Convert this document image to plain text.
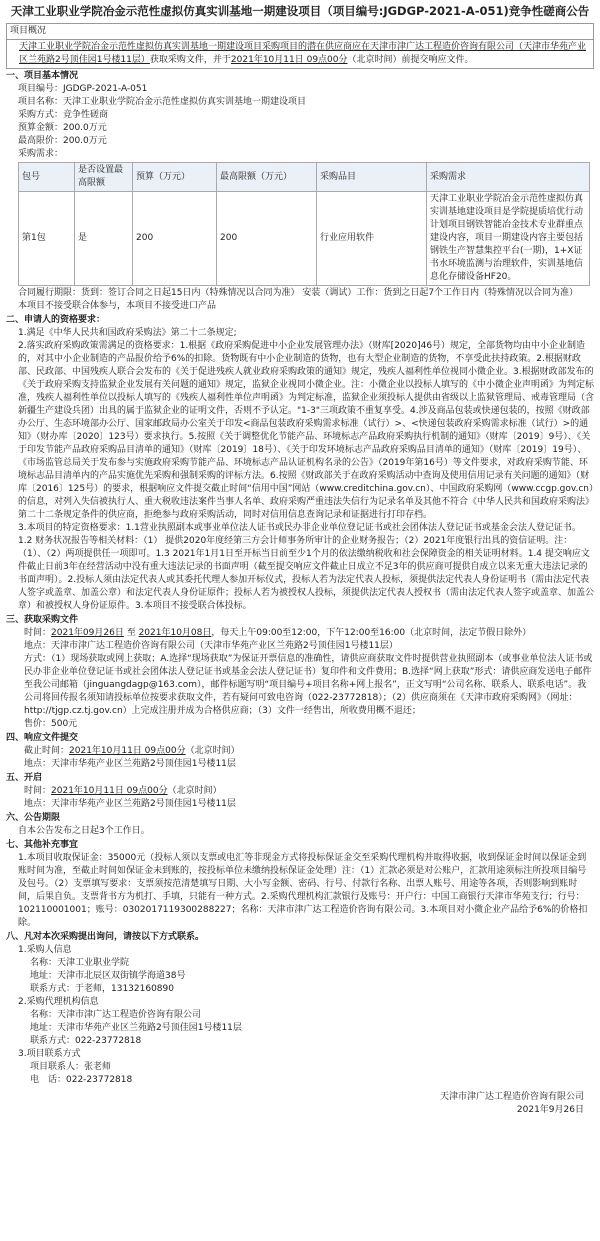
天津工业职业学院冶金示范性虚拟仿真实训基地一期建设项目（项目编号:JGDGP-2021-A-051)竞争性磋商公告
项目概况
天津工业职业学院冶金示范性虚拟仿真实训基地一期建设项目采购项目的潜在供应商应在天津市津广达工程造价咨询有限公司（天津市华苑产业区兰苑路2号顶佳园1号楼11层）获取采购文件，并于2021年10月11日 09点00分（北京时间）前提交响应文件。
一、项目基本情况

项目编号：JGDGP-2021-A-051

项目名称：天津工业职业学院冶金示范性虚拟仿真实训基地一期建设项目

采购方式：竞争性磋商

预算金额：200.0万元

最高限价：200.0万元

采购需求：

包号	是否设置最高限额	预算（万元）	最高限额（万元）	采购品目	采购需求
第1包	是	200	200	行业应用软件	天津工业职业学院冶金示范性虚拟仿真实训基地建设项目是学院提质培优行动计划项目钢铁智能冶金技术专业群重点建设内容，项目一期建设内容主要包括钢铁生产智慧集控平台(一期)，1+X证书水环境监测与治理软件，实训基地信息化存储设备HF20。

合同履行期限：货到：签订合同之日起15日内（特殊情况以合同为准） 安装（调试）工作：货到之日起7个工作日内（特殊情况以合同为准）

本项目不接受联合体参与，本项目不接受进口产品

二、申请人的资格要求：

1.满足《中华人民共和国政府采购法》第二十二条规定;

2.落实政府采购政策需满足的资格要求：1.根据《政府采购促进中小企业发展管理办法》（财库[2020]46号）规定，全部货物均由中小企业制造的，对其中小企业制造的产品报价给予6%的扣除。货物既有中小企业制造的货物，也有大型企业制造的货物，不享受此扶持政策。2.根据财政部、民政部、中国残疾人联合会发布的《关于促进残疾人就业政府采购政策的通知》规定，残疾人福利性单位视同小微企业。3.根据财政部发布的《关于政府采购支持监狱企业发展有关问题的通知》规定，监狱企业视同小微企业。注：小微企业以投标人填写的《中小微企业声明函》为判定标准，残疾人福利性单位以投标人填写的《残疾人福利性单位声明函》为判定标准，监狱企业须投标人提供由省级以上监狱管理局、戒毒管理局（含新疆生产建设兵团）出具的属于监狱企业的证明文件，否则不予认定。"1-3"三项政策不重复享受。4.涉及商品包装或快递包装的，按照《财政部办公厅、生态环境部办公厅、国家邮政局办公室关于印发<商品包装政府采购需求标准（试行）>、<快递包装政府采购需求标准（试行）>的通知》（财办库〔2020〕123号）要求执行。5.按照《关于调整优化节能产品、环境标志产品政府采购执行机制的通知》（财库〔2019〕9号）、《关于印发节能产品政府采购品目清单的通知》（财库〔2019〕18号）、《关于印发环境标志产品政府采购品目清单的通知》（财库〔2019〕19号）、《市场监管总局关于发布参与实施政府采购节能产品、环境标志产品认证机构名录的公告》（2019年第16号）等文件要求，对政府采购节能、环境标志品目清单内的产品实施优先采购和强制采购的评标方法。6.按照《财政部关于在政府采购活动中查询及使用信用记录有关问题的通知》（财库〔2016〕125号）的要求，根据响应文件提交截止时间“信用中国”网站（www.creditchina.gov.cn）、中国政府采购网（www.ccgp.gov.cn）的信息，对列入失信被执行人、重大税收违法案件当事人名单、政府采购严重违法失信行为记录名单及其他不符合《中华人民共和国政府采购法》第二十二条规定条件的供应商，拒绝参与政府采购活动，同时对信用信息查询记录和证据进行打印存档。

3.本项目的特定资格要求：1.1营业执照副本或事业单位法人证书或民办非企业单位登记证书或社会团体法人登记证书或基金会法人登记证书。1.2 财务状况报告等相关材料：（1） 提供2020年度经第三方会计师事务所审计的企业财务报告；（2）2021年度银行出具的资信证明。注：（1）、（2）两项提供任一项即可。1.3 2021年1月1日至开标当日前至少1个月的依法缴纳税收和社会保障资金的相关证明材料。1.4 提交响应文件截止日前3年在经营活动中没有重大违法记录的书面声明（截至提交响应文件截止日成立不足3年的供应商可提供自成立以来无重大违法记录的书面声明）。2.投标人须由法定代表人或其委托代理人参加开标仪式，投标人若为法定代表人投标，须提供法定代表人身份证明书（需由法定代表人签字或盖章、加盖公章）和法定代表人身份证原件；投标人若为被授权人投标，须提供法定代表人授权书（需由法定代表人签字或盖章、加盖公章）和被授权人身份证原件。3.本项目不接受联合体投标。

三、获取采购文件

时间：2021年09月26日 至 2021年10月08日，每天上午09:00至12:00，下午12:00至16:00（北京时间，法定节假日除外）

地点：天津市津广达工程造价咨询有限公司（天津市华苑产业区兰苑路2号顶佳园1号楼11层）

方式：（1）现场获取或网上获取；A.选择“现场获取”为保证开票信息的准确性，请供应商获取文件时提供营业执照副本（或事业单位法人证书或民办非企业单位登记证书或社会团体法人登记证书或基金会法人登记证书）复印件和文件费用；B.选择“网上获取”形式：请供应商发送电子邮件至我公司邮箱（jinguangdagp@163.com），邮件标题写明“项目编号+项目名称+网上报名”，正文写明“公司名称、联系人、联系电话”。我公司将回传报名须知请投标单位按要求获取文件，若有疑问可致电咨询（022-23772818）；（2）供应商须在《天津市政府采购网》（网址：http://tjgp.cz.tj.gov.cn）上完成注册并成为合格供应商；（3）文件一经售出，所收费用概不退还；

售价：500元

四、响应文件提交

截止时间：2021年10月11日 09点00分（北京时间）

地点：天津市华苑产业区兰苑路2号顶佳园1号楼11层

五、开启

时间：2021年10月11日 09点00分（北京时间）

地点：天津市华苑产业区兰苑路2号顶佳园1号楼11层

六、公告期限

自本公告发布之日起3个工作日。

七、其他补充事宜

1.本项目收取保证金：35000元（投标人须以支票或电汇等非现金方式将投标保证金交至采购代理机构并取得收据，收到保证金时间以保证金到账时间为准，至截止时间如保证金未到账的，按投标单位未缴纳投标保证金处理）注：（1）汇款必须是对公账户，汇款用途须标注所投项目编号及包号。（2）支票填写要求：支票须按范清楚填写日期、大小写金额、密码、行号、付款行名称、出票人账号、用途等各项，否则影响到账时间，后果自负。支票背书方为机打、手填，只能有一种方式。2.采购代理机构汇款银行及账号：开户行：中国工商银行天津市华苑支行；行号：102110001001；账号：0302017119300288227；名称：天津市津广达工程造价咨询有限公司。3.本项目对小微企业产品给予6%的价格扣除。

八、凡对本次采购提出询问，请按以下方式联系。

1.采购人信息

名称：天津工业职业学院

地址：天津市北辰区双街镇学海道38号

联系方式：于老师，13132160890

2.采购代理机构信息

名称：天津市津广达工程造价咨询有限公司

地址：天津市华苑产业区兰苑路2号顶佳园1号楼11层

联系方式：022-23772818

3.项目联系方式

项目联系人：张老师

电　话：022-23772818

天津市津广达工程造价咨询有限公司

2021年9月26日
